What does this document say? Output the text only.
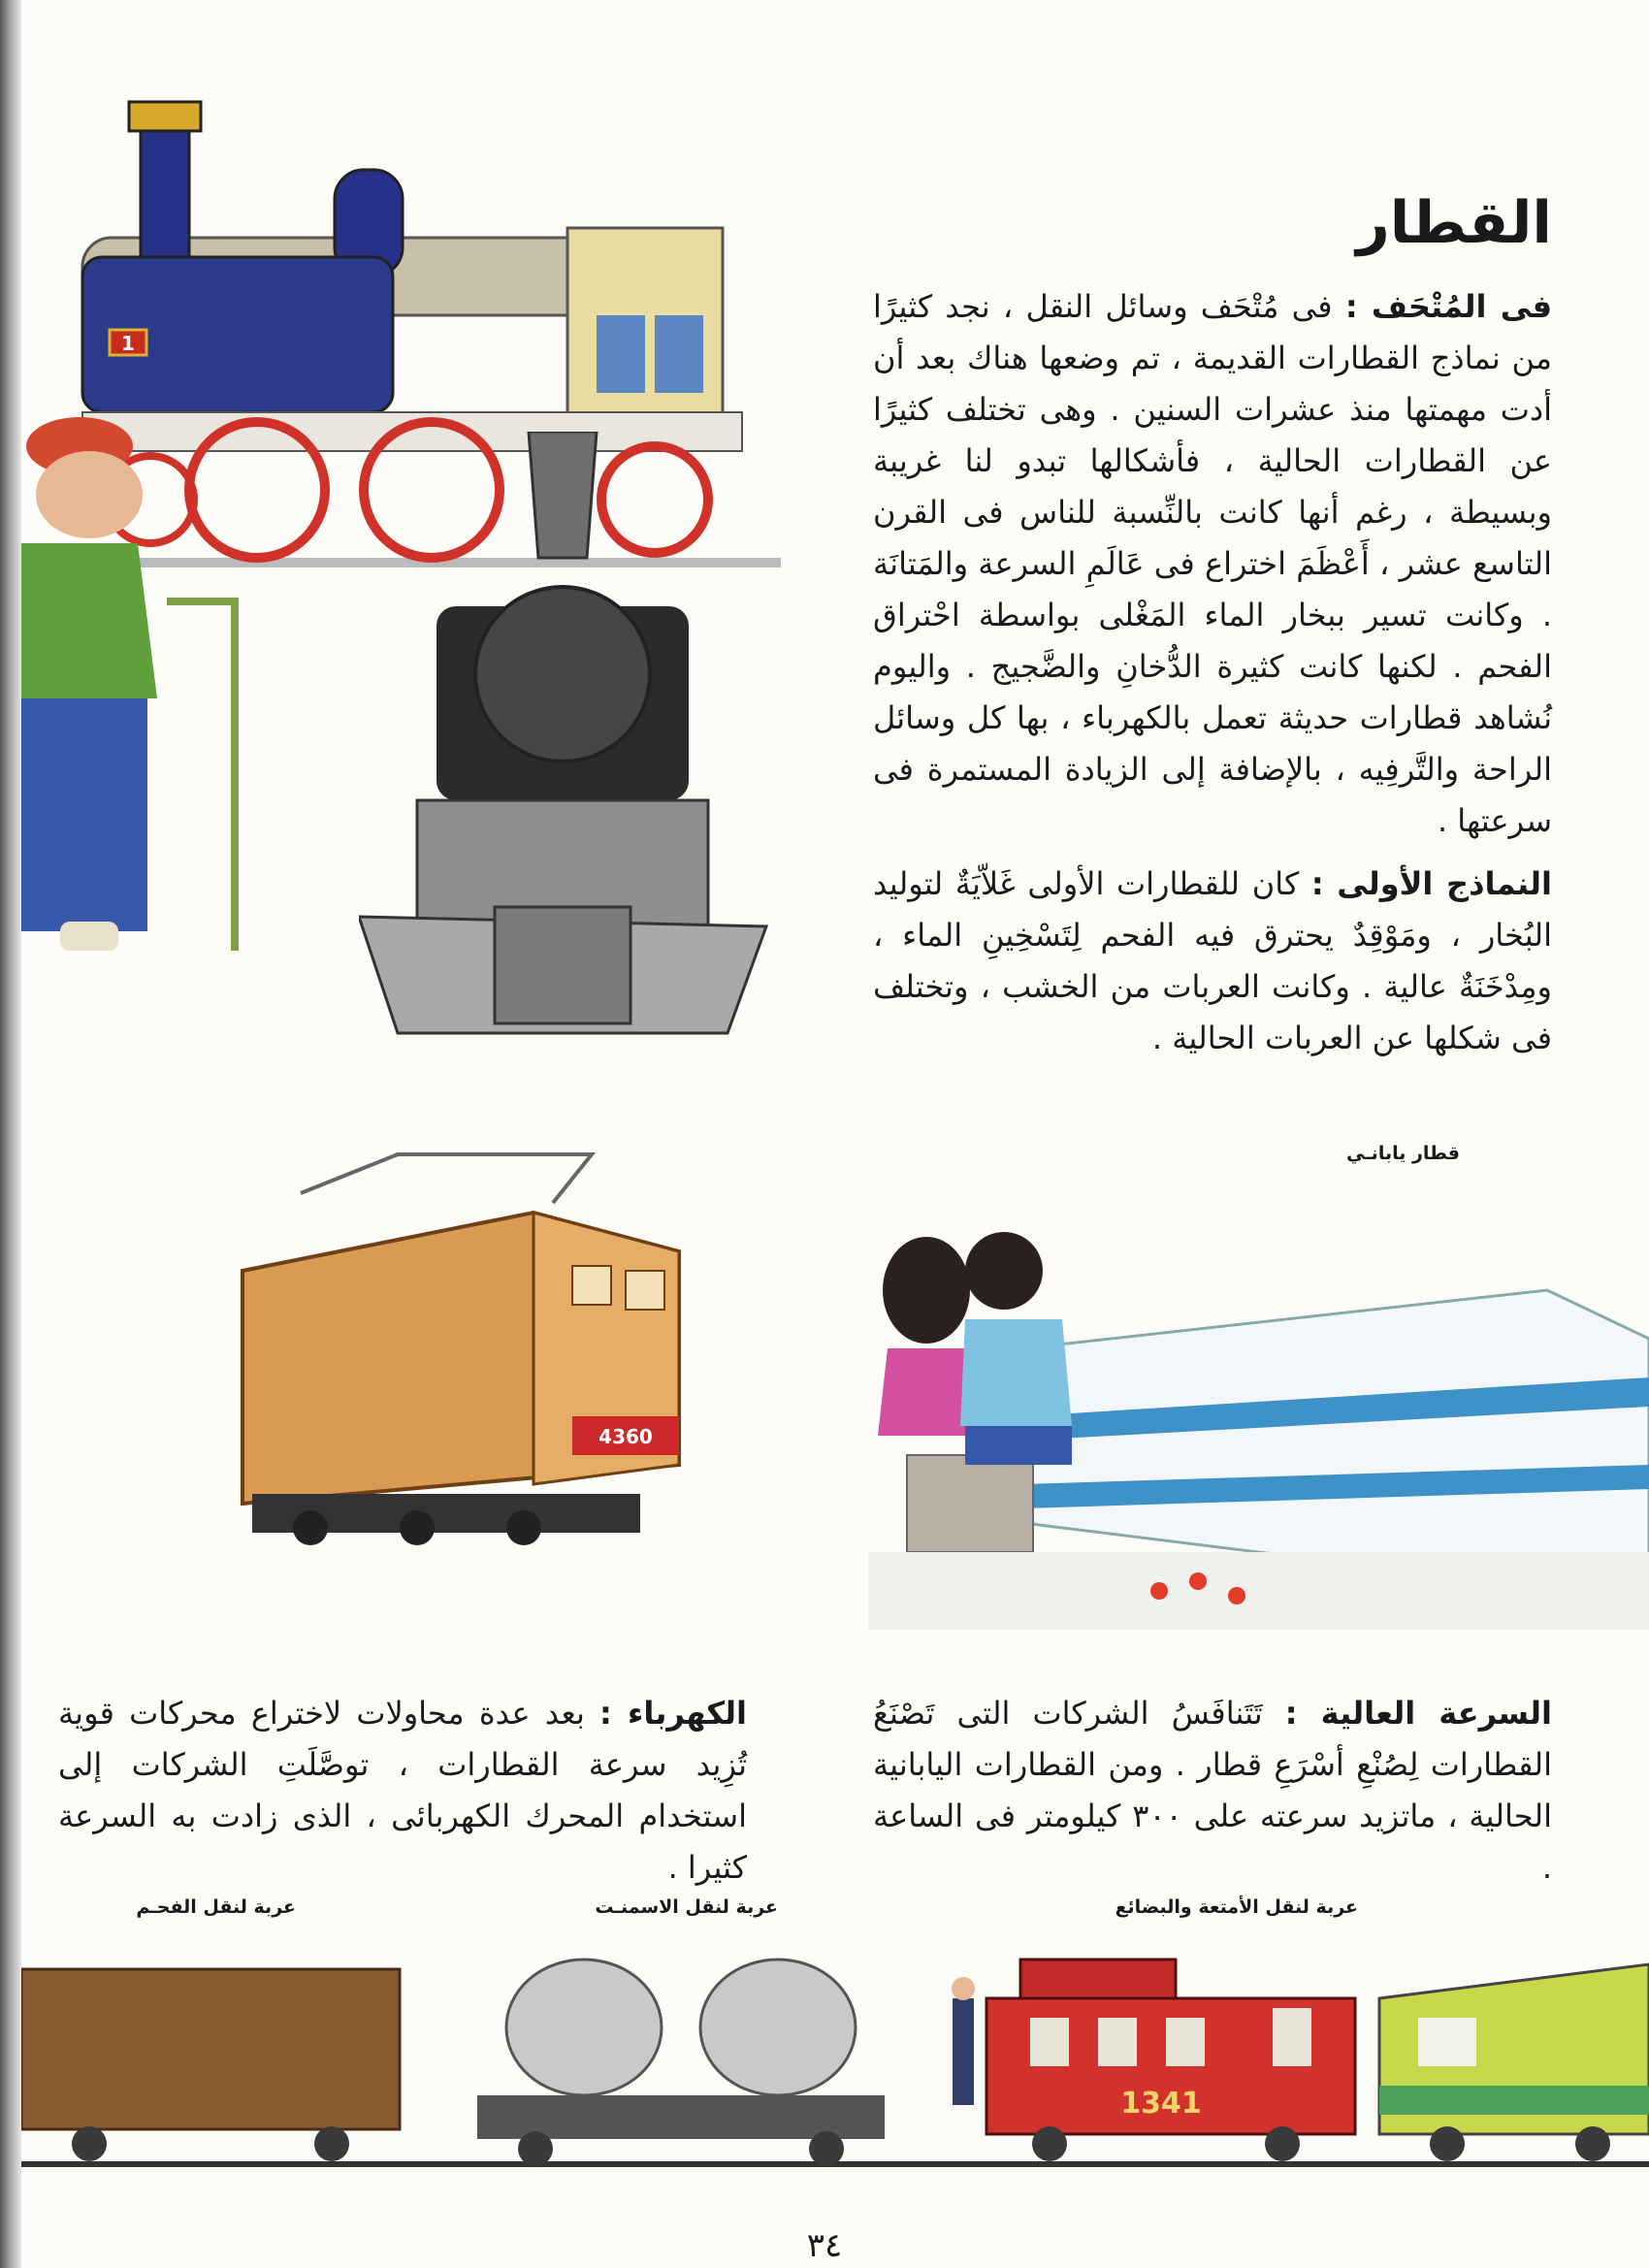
القطار
فى المُتْحَف : فى مُتْحَف وسائل النقل ، نجد كثيرًا من نماذج القطارات القديمة ، تم وضعها هناك بعد أن أدت مهمتها منذ عشرات السنين . وهى تختلف كثيرًا عن القطارات الحالية ، فأشكالها تبدو لنا غريبة وبسيطة ، رغم أنها كانت بالنِّسبة للناس فى القرن التاسع عشر ، أَعْظَمَ اختراع فى عَالَمِ السرعة والمَتانَة . وكانت تسير ببخار الماء المَغْلى بواسطة احْتراق الفحم . لكنها كانت كثيرة الدُّخانِ والضَّجيج . واليوم نُشاهد قطارات حديثة تعمل بالكهرباء ، بها كل وسائل الراحة والتَّرفِيه ، بالإضافة إلى الزيادة المستمرة فى سرعتها .
النماذج الأولى : كان للقطارات الأولى غَلاّيَةٌ لتوليد البُخار ، ومَوْقِدٌ يحترق فيه الفحم لِتَسْخِينِ الماء ، ومِدْخَنَةٌ عالية . وكانت العربات من الخشب ، وتختلف فى شكلها عن العربات الحالية .
قطار يابانـي
السرعة العالية : تَتَنافَسُ الشركات التى تَصْنَعُ القطارات لِصُنْعِ أسْرَعِ قطار . ومن القطارات اليابانية الحالية ، ماتزيد سرعته على ٣٠٠ كيلومتر فى الساعة .
الكهرباء : بعد عدة محاولات لاختراع محركات قوية تُزِيد سرعة القطارات ، توصَّلَتِ الشركات إلى استخدام المحرك الكهربائى ، الذى زادت به السرعة كثيرا .
عربة لنقل الأمتعة والبضائع
عربة لنقل الاسمنـت
عربة لنقل الفحـم
٣٤
1
4360
1341
